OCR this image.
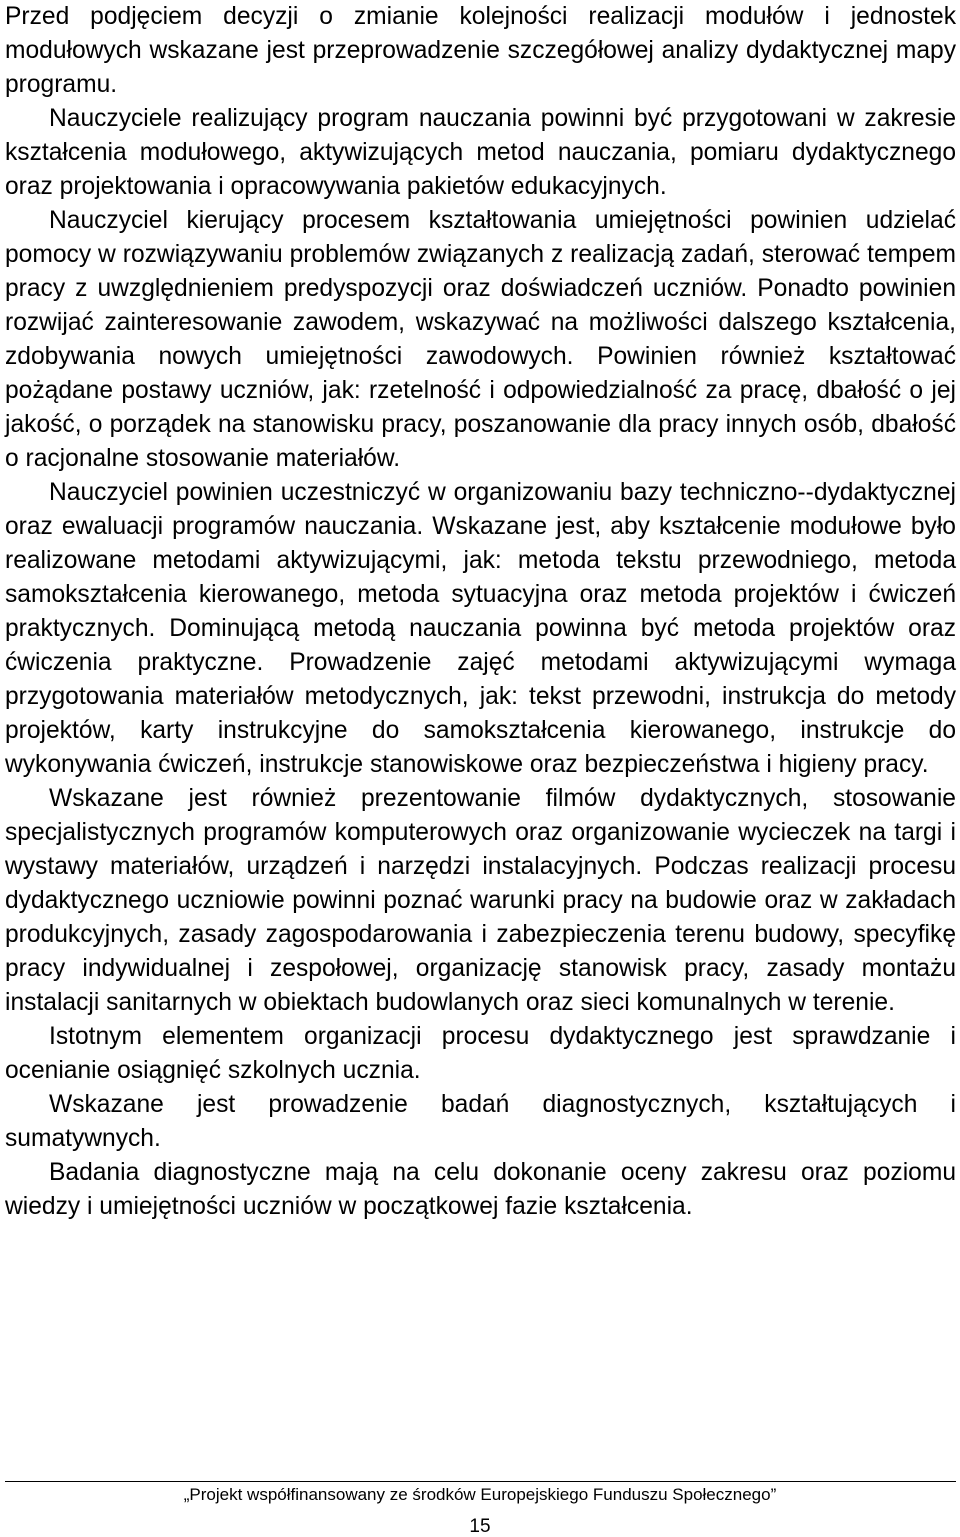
Przed podjęciem decyzji o zmianie kolejności realizacji modułów i jednostek modułowych wskazane jest przeprowadzenie szczegółowej analizy dydaktycznej mapy programu.

Nauczyciele realizujący program nauczania powinni być przygotowani w zakresie kształcenia modułowego, aktywizujących metod nauczania, pomiaru dydaktycznego oraz projektowania i opracowywania pakietów edukacyjnych.

Nauczyciel kierujący procesem kształtowania umiejętności powinien udzielać pomocy w rozwiązywaniu problemów związanych z realizacją zadań, sterować tempem pracy z uwzględnieniem predyspozycji oraz doświadczeń uczniów. Ponadto powinien rozwijać zainteresowanie zawodem, wskazywać na możliwości dalszego kształcenia, zdobywania nowych umiejętności zawodowych. Powinien również kształtować pożądane postawy uczniów, jak: rzetelność i odpowiedzialność za pracę, dbałość o jej jakość, o porządek na stanowisku pracy, poszanowanie dla pracy innych osób, dbałość o racjonalne stosowanie materiałów.

Nauczyciel powinien uczestniczyć w organizowaniu bazy techniczno--dydaktycznej oraz ewaluacji programów nauczania. Wskazane jest, aby kształcenie modułowe było realizowane metodami aktywizującymi, jak: metoda tekstu przewodniego, metoda samokształcenia kierowanego, metoda sytuacyjna oraz metoda projektów i ćwiczeń praktycznych. Dominującą metodą nauczania powinna być metoda projektów oraz ćwiczenia praktyczne. Prowadzenie zajęć metodami aktywizującymi wymaga przygotowania materiałów metodycznych, jak: tekst przewodni, instrukcja do metody projektów, karty instrukcyjne do samokształcenia kierowanego, instrukcje do wykonywania ćwiczeń, instrukcje stanowiskowe oraz bezpieczeństwa i higieny pracy.

Wskazane jest również prezentowanie filmów dydaktycznych, stosowanie specjalistycznych programów komputerowych oraz organizowanie wycieczek na targi i wystawy materiałów, urządzeń i narzędzi instalacyjnych. Podczas realizacji procesu dydaktycznego uczniowie powinni poznać warunki pracy na budowie oraz w zakładach produkcyjnych, zasady zagospodarowania i zabezpieczenia terenu budowy, specyfikę pracy indywidualnej i zespołowej, organizację stanowisk pracy, zasady montażu instalacji sanitarnych w obiektach budowlanych oraz sieci komunalnych w terenie.

Istotnym elementem organizacji procesu dydaktycznego jest sprawdzanie i ocenianie osiągnięć szkolnych ucznia.

Wskazane jest prowadzenie badań diagnostycznych, kształtujących i sumatywnych.

Badania diagnostyczne mają na celu dokonanie oceny zakresu oraz poziomu wiedzy i umiejętności uczniów w początkowej fazie kształcenia.

„Projekt współfinansowany ze środków Europejskiego Funduszu Społecznego”
15
